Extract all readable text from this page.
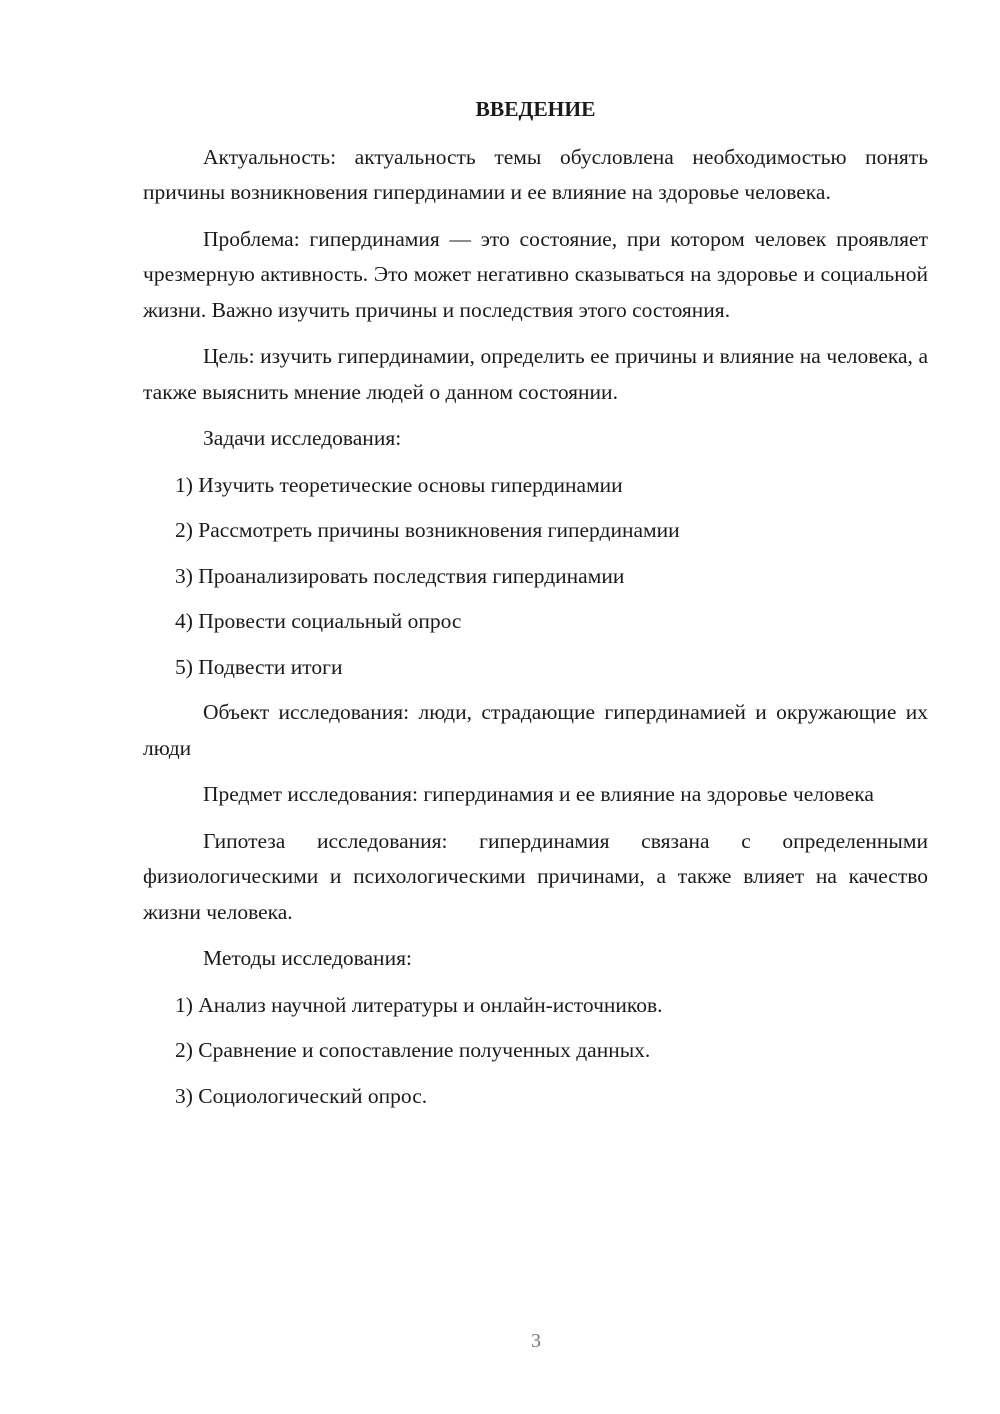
ВВЕДЕНИЕ

Актуальность: актуальность темы обусловлена необходимостью понять причины возникновения гипердинамии и ее влияние на здоровье человека.

Проблема: гипердинамия — это состояние, при котором человек проявляет чрезмерную активность. Это может негативно сказываться на здоровье и социальной жизни. Важно изучить причины и последствия этого состояния.

Цель: изучить гипердинамии, определить ее причины и влияние на человека, а также выяснить мнение людей о данном состоянии.

Задачи исследования:

1) Изучить теоретические основы гипердинамии

2) Рассмотреть причины возникновения гипердинамии

3) Проанализировать последствия гипердинамии

4) Провести социальный опрос

5) Подвести итоги

Объект исследования: люди, страдающие гипердинамией и окружающие их люди

Предмет исследования: гипердинамия и ее влияние на здоровье человека

Гипотеза исследования: гипердинамия связана с определенными физиологическими и психологическими причинами, а также влияет на качество жизни человека.

Методы исследования:

1) Анализ научной литературы и онлайн-источников.

2) Сравнение и сопоставление полученных данных.

3) Социологический опрос.

3
